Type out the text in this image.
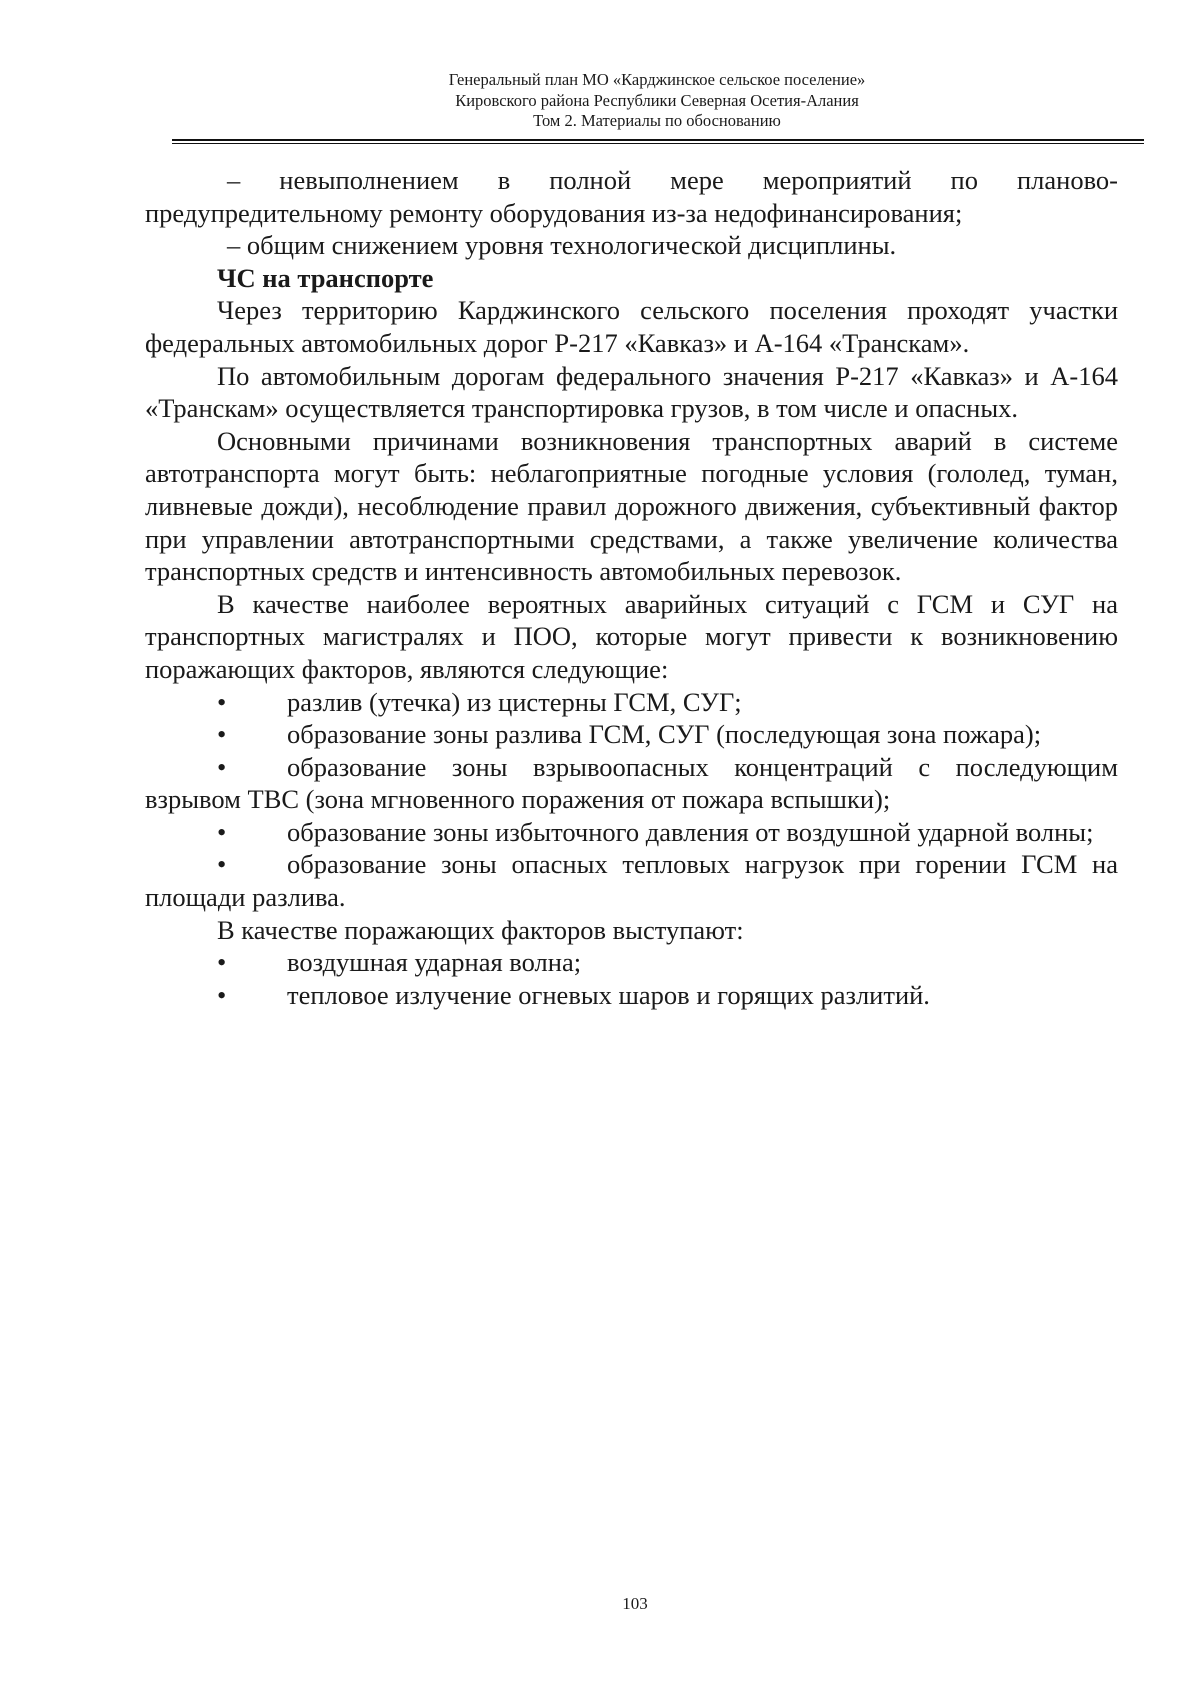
Генеральный план МО «Карджинское сельское поселение»
Кировского района Республики Северная Осетия-Алания
Том 2. Материалы по обоснованию

– невыполнением в полной мере мероприятий по планово-предупредительному ремонту оборудования из-за недофинансирования;

– общим снижением уровня технологической дисциплины.

ЧС на транспорте

Через территорию Карджинского сельского поселения проходят участки федеральных автомобильных дорог Р-217 «Кавказ» и А-164 «Транскам».

По автомобильным дорогам федерального значения Р-217 «Кавказ» и А-164 «Транскам» осуществляется транспортировка грузов, в том числе и опасных.

Основными причинами возникновения транспортных аварий в системе автотранспорта могут быть: неблагоприятные погодные условия (гололед, туман, ливневые дожди), несоблюдение правил дорожного движения, субъективный фактор при управлении автотранспортными средствами, а также увеличение количества транспортных средств и интенсивность автомобильных перевозок.

В качестве наиболее вероятных аварийных ситуаций с ГСМ и СУГ на транспортных магистралях и ПОО, которые могут привести к возникновению поражающих факторов, являются следующие:

• разлив (утечка) из цистерны ГСМ, СУГ;

• образование зоны разлива ГСМ, СУГ (последующая зона пожара);

• образование зоны взрывоопасных концентраций с последующим взрывом ТВС (зона мгновенного поражения от пожара вспышки);

• образование зоны избыточного давления от воздушной ударной волны;

• образование зоны опасных тепловых нагрузок при горении ГСМ на площади разлива.

В качестве поражающих факторов выступают:

• воздушная ударная волна;

• тепловое излучение огневых шаров и горящих разлитий.

103
